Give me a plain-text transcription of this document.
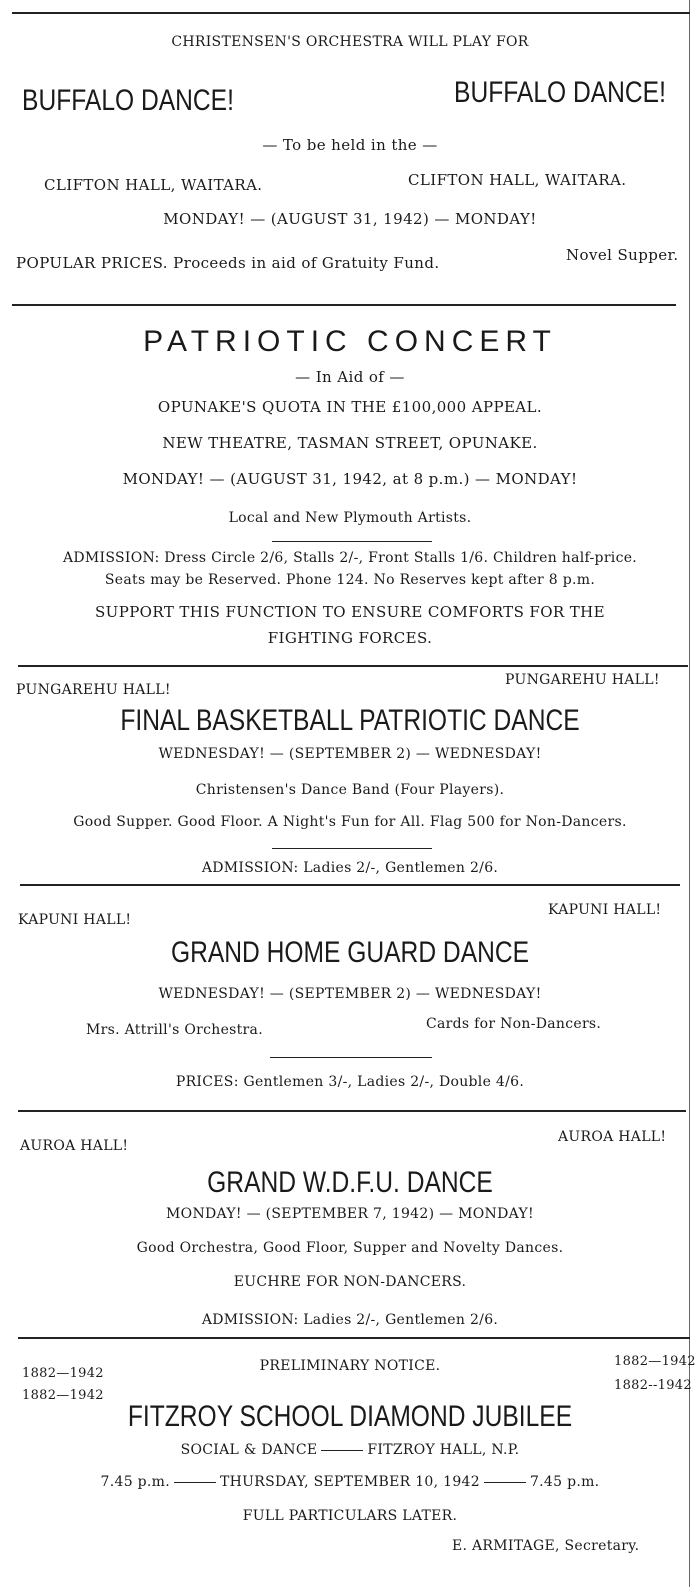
CHRISTENSEN'S ORCHESTRA WILL PLAY FOR

BUFFALO DANCE!	BUFFALO DANCE!

— To be held in the —

CLIFTON HALL, WAITARA.	CLIFTON HALL, WAITARA.

MONDAY! — (AUGUST 31, 1942) — MONDAY!

POPULAR PRICES. Proceeds in aid of Gratuity Fund.	Novel Supper.

PATRIOTIC CONCERT

— In Aid of —

OPUNAKE'S QUOTA IN THE £100,000 APPEAL.

NEW THEATRE, TASMAN STREET, OPUNAKE.

MONDAY! — (AUGUST 31, 1942, at 8 p.m.) — MONDAY!

Local and New Plymouth Artists.

ADMISSION: Dress Circle 2/6, Stalls 2/-, Front Stalls 1/6. Children half-price.

Seats may be Reserved. Phone 124. No Reserves kept after 8 p.m.

SUPPORT THIS FUNCTION TO ENSURE COMFORTS FOR THE

FIGHTING FORCES.

PUNGAREHU HALL!

PUNGAREHU HALL!

FINAL BASKETBALL PATRIOTIC DANCE

WEDNESDAY! — (SEPTEMBER 2) — WEDNESDAY!

Christensen's Dance Band (Four Players).

Good Supper. Good Floor. A Night's Fun for All. Flag 500 for Non-Dancers.

ADMISSION: Ladies 2/-, Gentlemen 2/6.

KAPUNI HALL!

KAPUNI HALL!

GRAND HOME GUARD DANCE

WEDNESDAY! — (SEPTEMBER 2) — WEDNESDAY!

Mrs. Attrill's Orchestra.	Cards for Non-Dancers.

PRICES: Gentlemen 3/-, Ladies 2/-, Double 4/6.

AUROA HALL!

AUROA HALL!

GRAND W.D.F.U. DANCE

MONDAY! — (SEPTEMBER 7, 1942) — MONDAY!

Good Orchestra, Good Floor, Supper and Novelty Dances.

EUCHRE FOR NON-DANCERS.

ADMISSION: Ladies 2/-, Gentlemen 2/6.

1882—1942

1882—1942

1882—1942

1882--1942

PRELIMINARY NOTICE.

FITZROY SCHOOL DIAMOND JUBILEE

SOCIAL & DANCE	FITZROY HALL, N.P.

7.45 p.m.	THURSDAY, SEPTEMBER 10, 1942	7.45 p.m.

FULL PARTICULARS LATER.

E. ARMITAGE, Secretary.
